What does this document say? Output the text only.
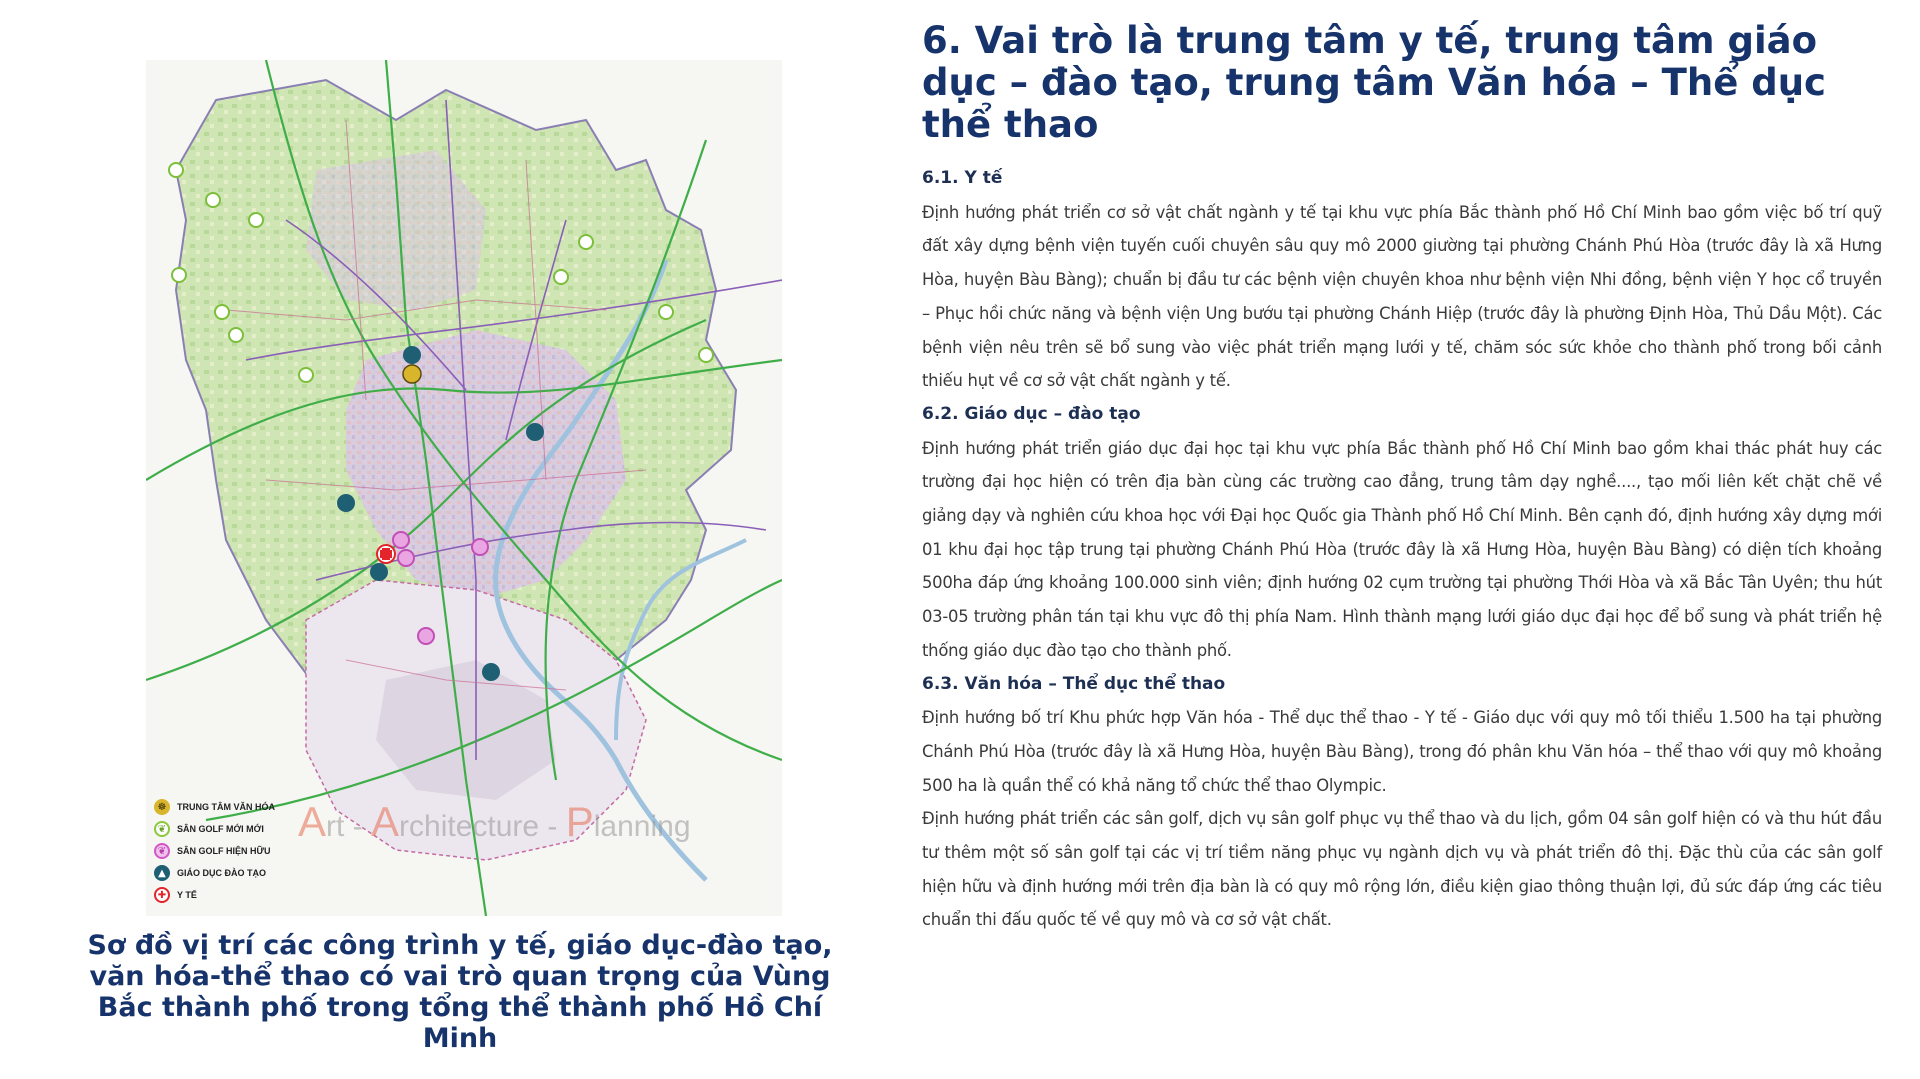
☸	TRUNG TÂM VĂN HÓA
❦	SÂN GOLF MỚI MỚI
❦	SÂN GOLF HIỆN HỮU
▲	GIÁO DỤC ĐÀO TẠO
✚	Y TẾ
Art - Architecture - Planning
Sơ đồ vị trí các công trình y tế, giáo dục-đào tạo, văn hóa-thể thao có vai trò quan trọng của Vùng Bắc thành phố trong tổng thể thành phố Hồ Chí Minh
6. Vai trò là trung tâm y tế, trung tâm giáo dục – đào tạo, trung tâm Văn hóa – Thể dục thể thao
6.1. Y tế

Định hướng phát triển cơ sở vật chất ngành y tế tại khu vực phía Bắc thành phố Hồ Chí Minh bao gồm việc bố trí quỹ đất xây dựng bệnh viện tuyến cuối chuyên sâu quy mô 2000 giường tại phường Chánh Phú Hòa (trước đây là xã Hưng Hòa, huyện Bàu Bàng); chuẩn bị đầu tư các bệnh viện chuyên khoa như bệnh viện Nhi đồng, bệnh viện Y học cổ truyền – Phục hồi chức năng và bệnh viện Ung bướu tại phường Chánh Hiệp (trước đây là phường Định Hòa, Thủ Dầu Một). Các bệnh viện nêu trên sẽ bổ sung vào việc phát triển mạng lưới y tế, chăm sóc sức khỏe cho thành phố trong bối cảnh thiếu hụt về cơ sở vật chất ngành y tế.

6.2. Giáo dục – đào tạo

Định hướng phát triển giáo dục đại học tại khu vực phía Bắc thành phố Hồ Chí Minh bao gồm khai thác phát huy các trường đại học hiện có trên địa bàn cùng các trường cao đẳng, trung tâm dạy nghề...., tạo mối liên kết chặt chẽ về giảng dạy và nghiên cứu khoa học với Đại học Quốc gia Thành phố Hồ Chí Minh. Bên cạnh đó, định hướng xây dựng mới 01 khu đại học tập trung tại phường Chánh Phú Hòa (trước đây là xã Hưng Hòa, huyện Bàu Bàng) có diện tích khoảng 500ha đáp ứng khoảng 100.000 sinh viên; định hướng 02 cụm trường tại phường Thới Hòa và xã Bắc Tân Uyên; thu hút 03-05 trường phân tán tại khu vực đô thị phía Nam. Hình thành mạng lưới giáo dục đại học để bổ sung và phát triển hệ thống giáo dục đào tạo cho thành phố.

6.3. Văn hóa – Thể dục thể thao

Định hướng bố trí Khu phức hợp Văn hóa - Thể dục thể thao - Y tế - Giáo dục với quy mô tối thiểu 1.500 ha tại phường Chánh Phú Hòa (trước đây là xã Hưng Hòa, huyện Bàu Bàng), trong đó phân khu Văn hóa – thể thao với quy mô khoảng 500 ha là quần thể có khả năng tổ chức thể thao Olympic.

Định hướng phát triển các sân golf, dịch vụ sân golf phục vụ thể thao và du lịch, gồm 04 sân golf hiện có và thu hút đầu tư thêm một số sân golf tại các vị trí tiềm năng phục vụ ngành dịch vụ và phát triển đô thị. Đặc thù của các sân golf hiện hữu và định hướng mới trên địa bàn là có quy mô rộng lớn, điều kiện giao thông thuận lợi, đủ sức đáp ứng các tiêu chuẩn thi đấu quốc tế về quy mô và cơ sở vật chất.
